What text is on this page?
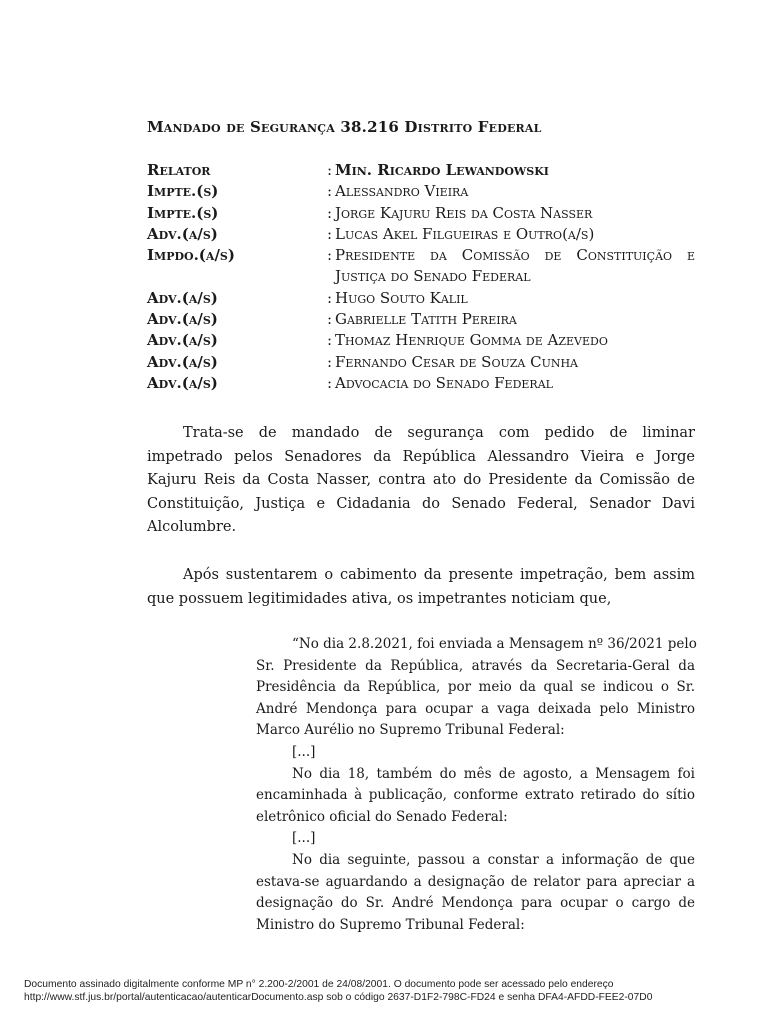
Mandado de Segurança 38.216 Distrito Federal
Relator	: Min. Ricardo Lewandowski
Impte.(s)	: Alessandro Vieira
Impte.(s)	: Jorge Kajuru Reis da Costa Nasser
Adv.(a/s)	: Lucas Akel Filgueiras e Outro(a/s)
Impdo.(a/s)	: Presidente da Comissão de Constituição e
Justiça do Senado Federal
Adv.(a/s)	: Hugo Souto Kalil
Adv.(a/s)	: Gabrielle Tatith Pereira
Adv.(a/s)	: Thomaz Henrique Gomma de Azevedo
Adv.(a/s)	: Fernando Cesar de Souza Cunha
Adv.(a/s)	: Advocacia do Senado Federal
Trata-se de mandado de segurança com pedido de liminar
impetrado pelos Senadores da República Alessandro Vieira e Jorge
Kajuru Reis da Costa Nasser, contra ato do Presidente da Comissão de
Constituição, Justiça e Cidadania do Senado Federal, Senador Davi
Alcolumbre.
Após sustentarem o cabimento da presente impetração, bem assim
que possuem legitimidades ativa, os impetrantes noticiam que,
“No dia 2.8.2021, foi enviada a Mensagem nº 36/2021 pelo
Sr. Presidente da República, através da Secretaria-Geral da
Presidência da República, por meio da qual se indicou o Sr.
André Mendonça para ocupar a vaga deixada pelo Ministro
Marco Aurélio no Supremo Tribunal Federal:
[...]
No dia 18, também do mês de agosto, a Mensagem foi
encaminhada à publicação, conforme extrato retirado do sítio
eletrônico oficial do Senado Federal:
[...]
No dia seguinte, passou a constar a informação de que
estava-se aguardando a designação de relator para apreciar a
designação do Sr. André Mendonça para ocupar o cargo de
Ministro do Supremo Tribunal Federal:
Documento assinado digitalmente conforme MP n° 2.200-2/2001 de 24/08/2001. O documento pode ser acessado pelo endereço
http://www.stf.jus.br/portal/autenticacao/autenticarDocumento.asp sob o código 2637-D1F2-798C-FD24 e senha DFA4-AFDD-FEE2-07D0
